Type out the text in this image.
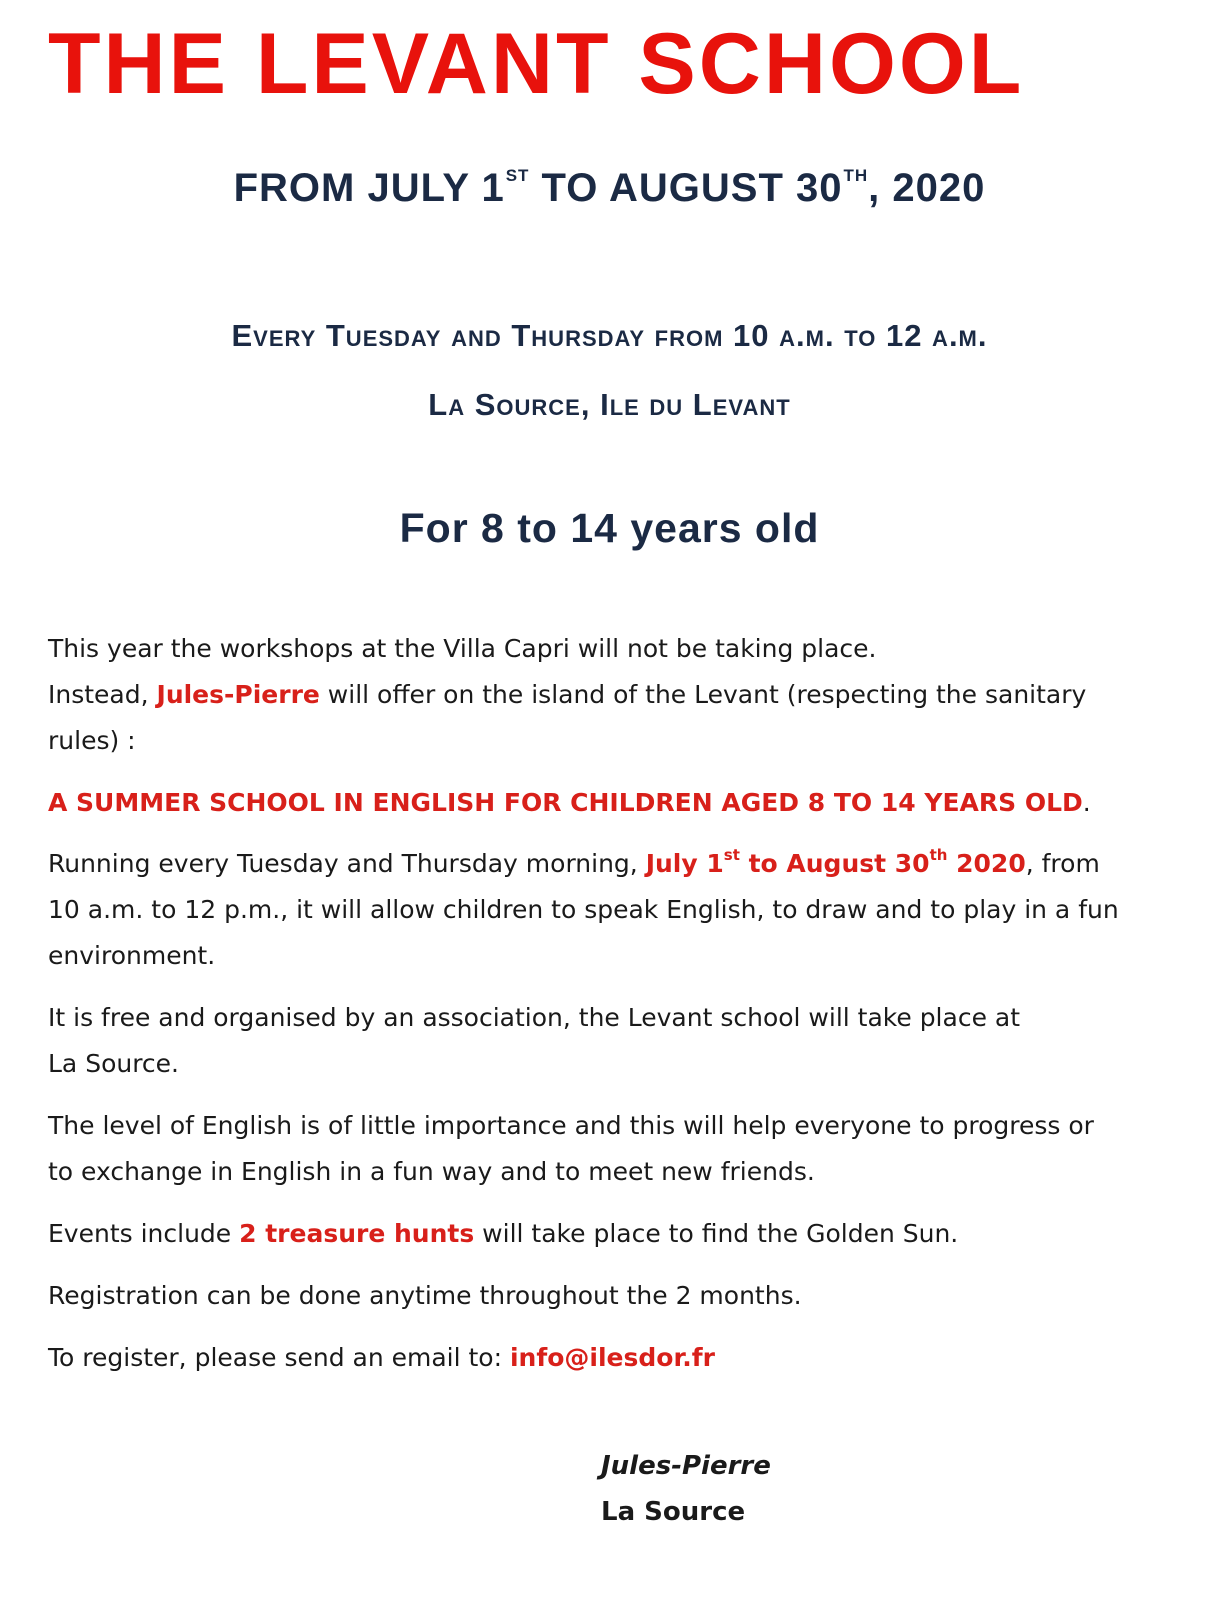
THE LEVANT SCHOOL
FROM JULY 1ST TO AUGUST 30TH, 2020
Every Tuesday and Thursday from 10 a.m. to 12 a.m.
La Source, Ile du Levant
For 8 to 14 years old

This year the workshops at the Villa Capri will not be taking place.
Instead, Jules-Pierre will offer on the island of the Levant (respecting the sanitary
rules) :

A SUMMER SCHOOL IN ENGLISH FOR CHILDREN AGED 8 TO 14 YEARS OLD.

Running every Tuesday and Thursday morning, July 1st to August 30th 2020, from
10 a.m. to 12 p.m., it will allow children to speak English, to draw and to play in a fun
environment.

It is free and organised by an association, the Levant school will take place at
La Source.

The level of English is of little importance and this will help everyone to progress or
to exchange in English in a fun way and to meet new friends.

Events include 2 treasure hunts will take place to find the Golden Sun.

Registration can be done anytime throughout the 2 months.

To register, please send an email to: info@ilesdor.fr

Jules-Pierre

La Source
